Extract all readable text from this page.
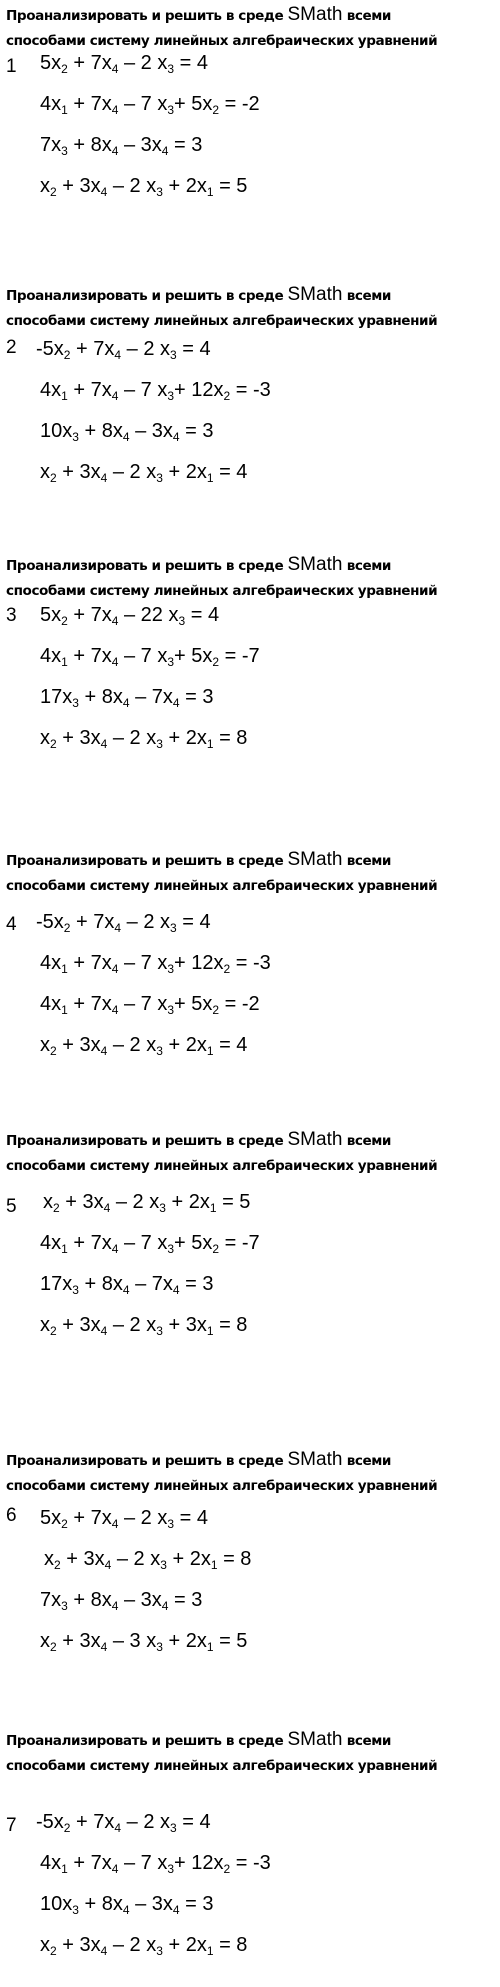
Проанализировать и решить в среде SMath всеми
способами систему линейных алгебраических уравнений
1 $5x_2 + 7x_4 - 2$ $x_3 = 4$
$4x_1 + 7x_4 - 7$ $x_3+ 5x_2 = -2$
$7x_3 + 8x_4 - 3x_4 = 3$
$x_2 + 3x_4 - 2$ $x_3 + 2x_1 = 5$
Проанализировать и решить в среде SMath всеми
способами систему линейных алгебраических уравнений
2 $-5x_2 + 7x_4 - 2$ $x_3 = 4$
$4x_1 + 7x_4 - 7$ $x_3+ 12x_2 = -3$
$10x_3 + 8x_4 - 3x_4 = 3$
$x_2 + 3x_4 - 2$ $x_3 + 2x_1 = 4$
Проанализировать и решить в среде SMath всеми
способами систему линейных алгебраических уравнений
3 $5x_2 + 7x_4 - 22$ $x_3 = 4$
$4x_1 + 7x_4 - 7$ $x_3+ 5x_2 = -7$
$17x_3 + 8x_4 - 7x_4 = 3$
$x_2 + 3x_4 - 2$ $x_3 + 2x_1 = 8$
Проанализировать и решить в среде SMath всеми
способами систему линейных алгебраических уравнений
4 $-5x_2 + 7x_4 - 2$ $x_3 = 4$
$4x_1 + 7x_4 - 7$ $x_3+ 12x_2 = -3$
$4x_1 + 7x_4 - 7$ $x_3+ 5x_2 = -2$
$x_2 + 3x_4 - 2$ $x_3 + 2x_1 = 4$
Проанализировать и решить в среде SMath всеми
способами систему линейных алгебраических уравнений
5 $x_2 + 3x_4 - 2$ $x_3 + 2x_1 = 5$
$4x_1 + 7x_4 - 7$ $x_3+ 5x_2 = -7$
$17x_3 + 8x_4 - 7x_4 = 3$
$x_2 + 3x_4 - 2$ $x_3 + 3x_1 = 8$
Проанализировать и решить в среде SMath всеми
способами систему линейных алгебраических уравнений
6 $5x_2 + 7x_4 - 2$ $x_3 = 4$
$x_2 + 3x_4 - 2$ $x_3 + 2x_1 = 8$
$7x_3 + 8x_4 - 3x_4 = 3$
$x_2 + 3x_4 - 3$ $x_3 + 2x_1 = 5$
Проанализировать и решить в среде SMath всеми
способами систему линейных алгебраических уравнений
7 $-5x_2 + 7x_4 - 2$ $x_3 = 4$
$4x_1 + 7x_4 - 7$ $x_3+ 12x_2 = -3$
$10x_3 + 8x_4 - 3x_4 = 3$
$x_2 + 3x_4 - 2$ $x_3 + 2x_1 = 8$
